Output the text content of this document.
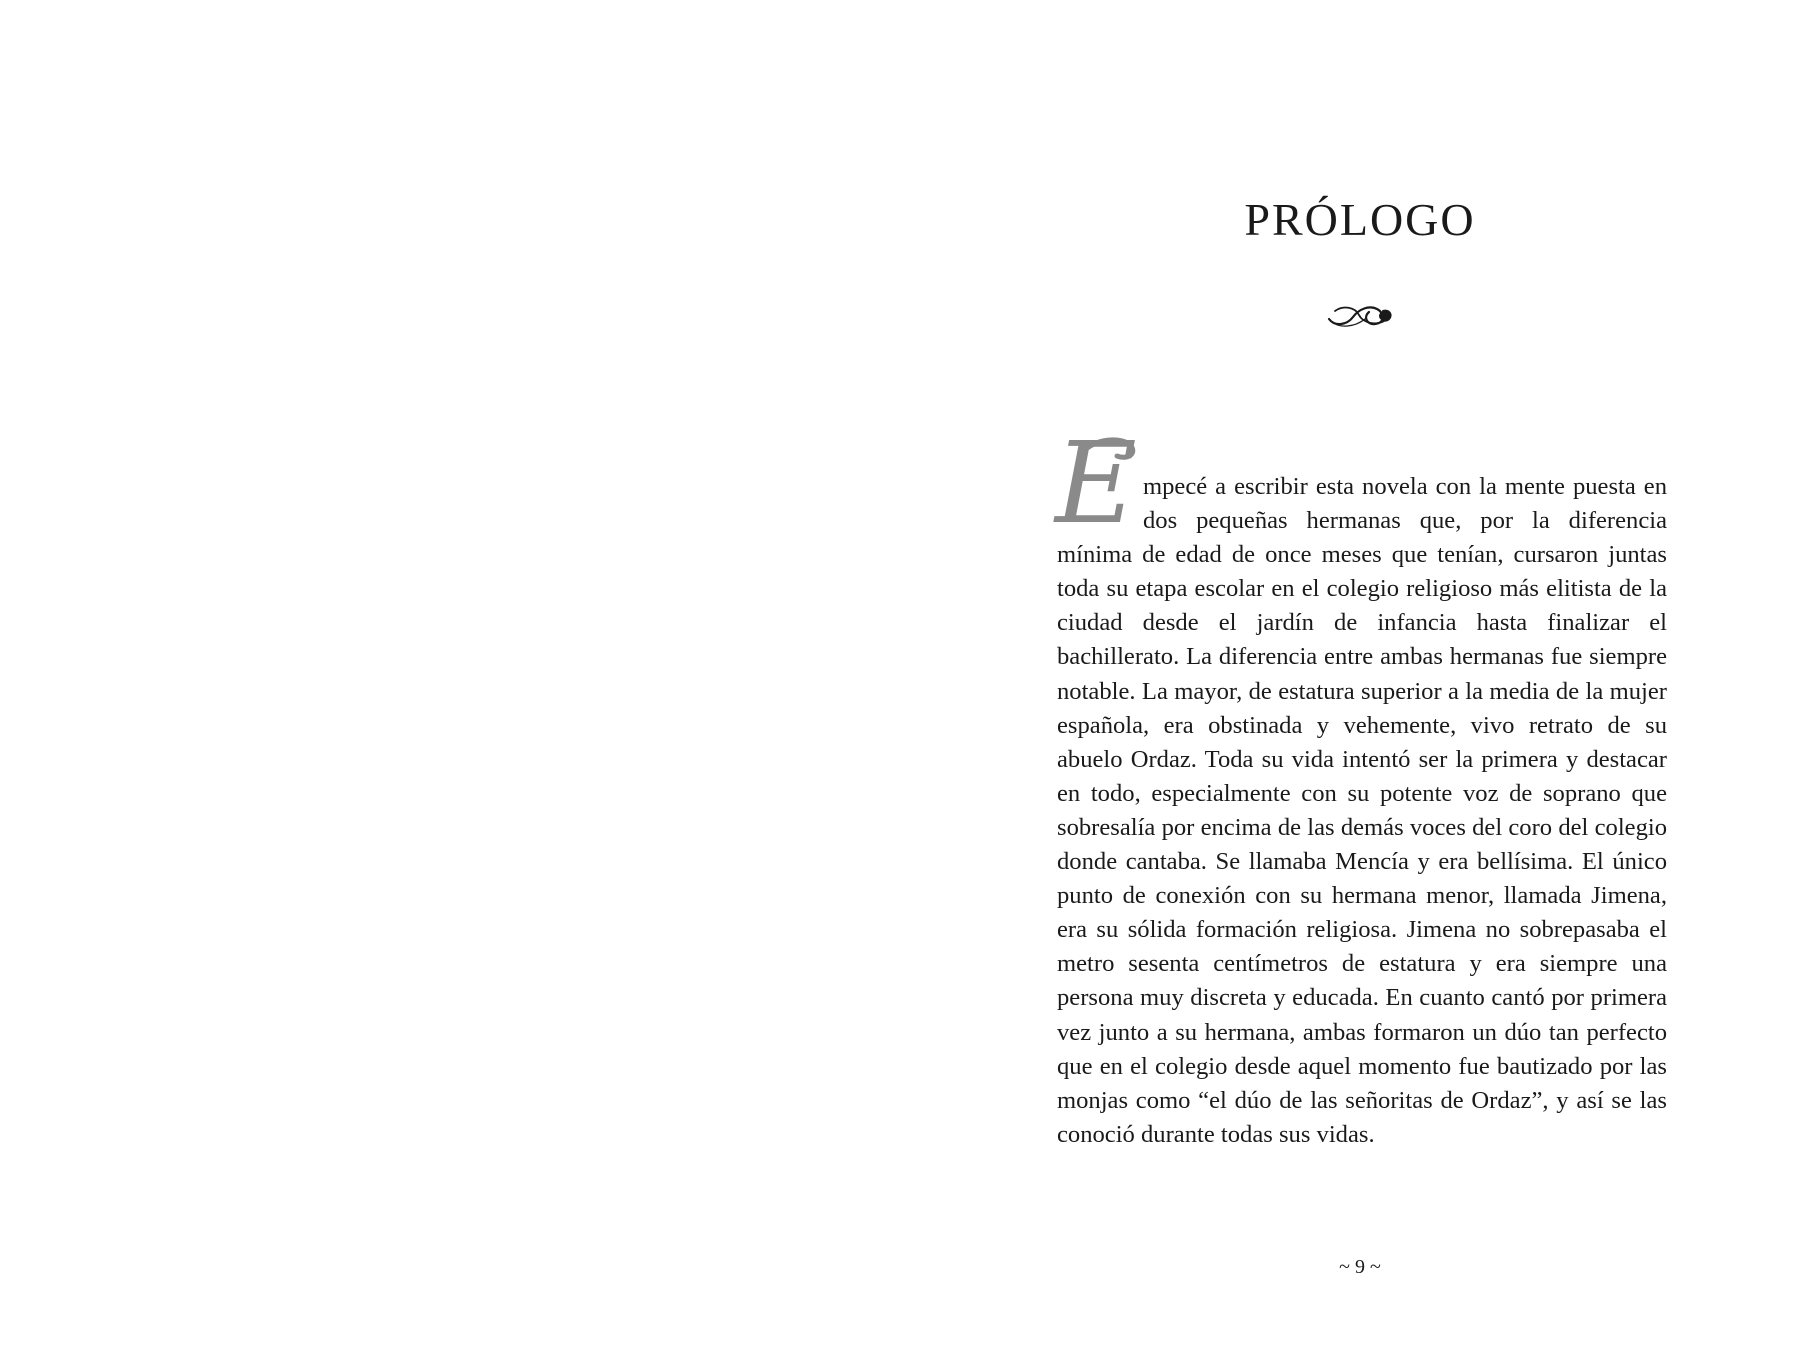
PRÓLOGO

E mpecé a escribir esta novela con la mente puesta en dos pequeñas hermanas que, por la diferencia mínima de edad de once meses que tenían, cursaron juntas toda su etapa escolar en el colegio religioso más elitista de la ciudad desde el jardín de infancia hasta finalizar el bachillerato. La diferencia entre ambas hermanas fue siempre notable. La mayor, de estatura superior a la media de la mujer española, era obstinada y vehemente, vivo retrato de su abuelo Ordaz. Toda su vida intentó ser la primera y destacar en todo, especialmente con su potente voz de soprano que sobresalía por encima de las demás voces del coro del colegio donde cantaba. Se llamaba Mencía y era bellísima. El único punto de conexión con su hermana menor, llamada Jimena, era su sólida formación religiosa. Jimena no sobrepasaba el metro sesenta centímetros de estatura y era siempre una persona muy discreta y educada. En cuanto cantó por primera vez junto a su hermana, ambas formaron un dúo tan perfecto que en el colegio desde aquel momento fue bautizado por las monjas como “el dúo de las señoritas de Ordaz”, y así se las conoció durante todas sus vidas.

~ 9 ~
